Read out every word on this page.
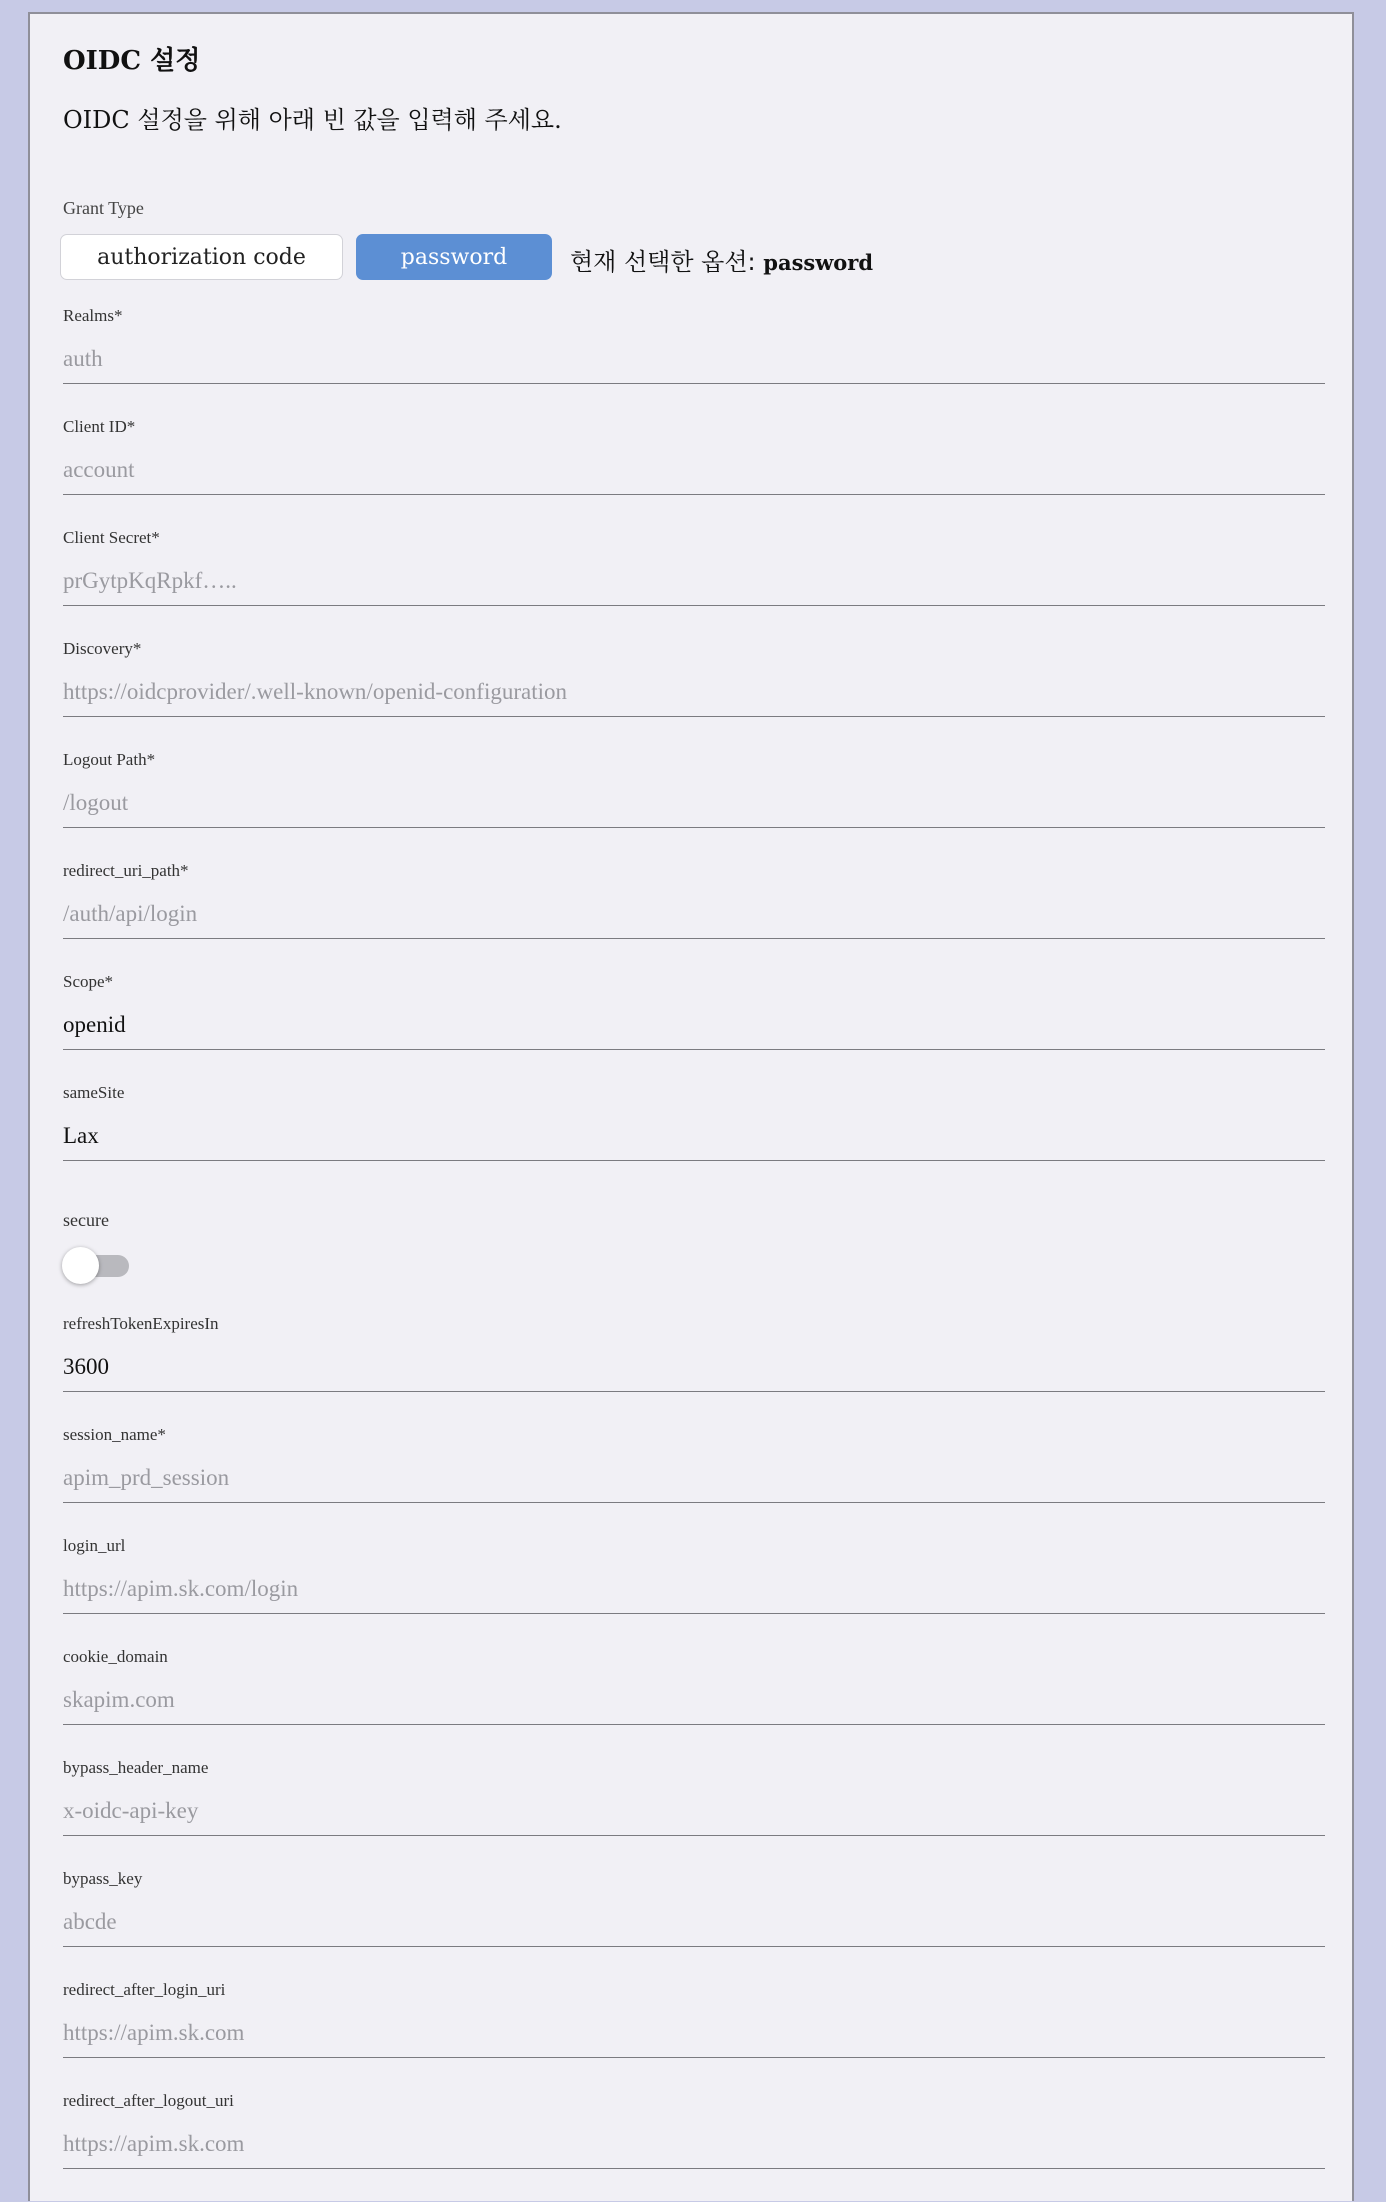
OIDC 설정
OIDC 설정을 위해 아래 빈 값을 입력해 주세요.
Grant Type
authorization code	password	현재 선택한 옵션: password
Realms*
auth
Client ID*
account
Client Secret*
prGytpKqRpkf…..
Discovery*
https://oidcprovider/.well-known/openid-configuration
Logout Path*
/logout
redirect_uri_path*
/auth/api/login
Scope*
openid
sameSite
Lax
secure
refreshTokenExpiresIn
3600
session_name*
apim_prd_session
login_url
https://apim.sk.com/login
cookie_domain
skapim.com
bypass_header_name
x-oidc-api-key
bypass_key
abcde
redirect_after_login_uri
https://apim.sk.com
redirect_after_logout_uri
https://apim.sk.com
